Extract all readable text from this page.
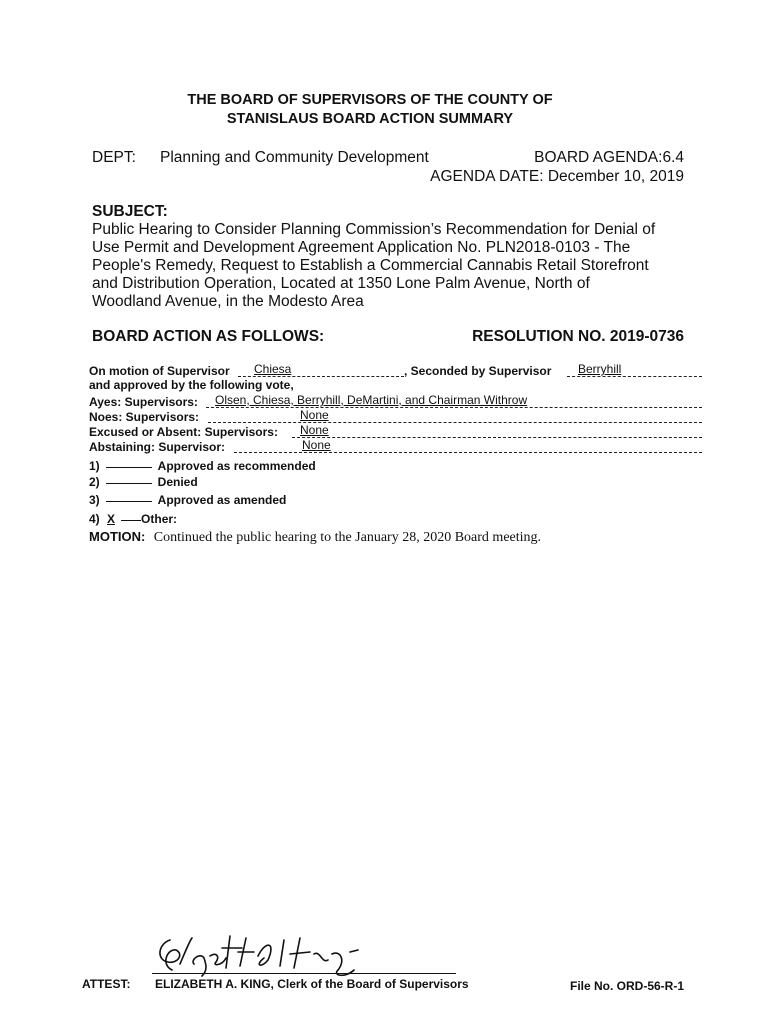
THE BOARD OF SUPERVISORS OF THE COUNTY OF
STANISLAUS BOARD ACTION SUMMARY
DEPT: Planning and Community Development	BOARD AGENDA:6.4
AGENDA DATE: December 10, 2019
SUBJECT:
Public Hearing to Consider Planning Commission’s Recommendation for Denial of
Use Permit and Development Agreement Application No. PLN2018-0103 - The
People's Remedy, Request to Establish a Commercial Cannabis Retail Storefront
and Distribution Operation, Located at 1350 Lone Palm Avenue, North of
Woodland Avenue, in the Modesto Area
BOARD ACTION AS FOLLOWS:	RESOLUTION NO. 2019-0736
On motion of Supervisor Chiesa	, Seconded by Supervisor Berryhill
and approved by the following vote,
Ayes: Supervisors: Olsen, Chiesa, Berryhill, DeMartini, and Chairman Withrow
Noes: Supervisors:	None
Excused or Absent: Supervisors: None
Abstaining: Supervisor:	None
1)	Approved as recommended
2)	Denied
3)	Approved as amended
4) X Other:
MOTION: Continued the public hearing to the January 28, 2020 Board meeting.
ATTEST: ELIZABETH A. KING, Clerk of the Board of Supervisors	File No. ORD-56-R-1
